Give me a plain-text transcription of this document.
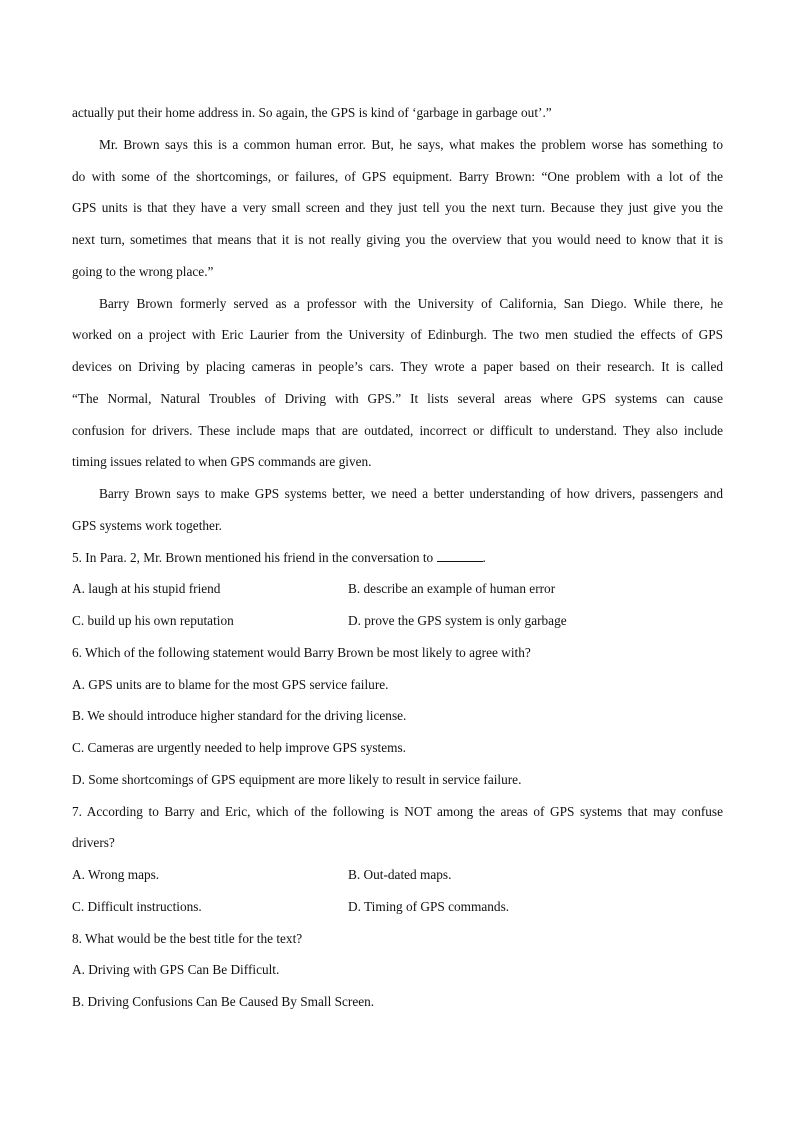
actually put their home address in. So again, the GPS is kind of ‘garbage in garbage out’.”
Mr. Brown says this is a common human error. But, he says, what makes the problem worse has something to
do with some of the shortcomings, or failures, of GPS equipment. Barry Brown: “One problem with a lot of the
GPS units is that they have a very small screen and they just tell you the next turn. Because they just give you the
next turn, sometimes that means that it is not really giving you the overview that you would need to know that it is
going to the wrong place.”
Barry Brown formerly served as a professor with the University of California, San Diego. While there, he
worked on a project with Eric Laurier from the University of Edinburgh. The two men studied the effects of GPS
devices on Driving by placing cameras in people’s cars. They wrote a paper based on their research. It is called
“The Normal, Natural Troubles of Driving with GPS.” It lists several areas where GPS systems can cause
confusion for drivers. These include maps that are outdated, incorrect or difficult to understand. They also include
timing issues related to when GPS commands are given.
Barry Brown says to make GPS systems better, we need a better understanding of how drivers, passengers and
GPS systems work together.
5. In Para. 2, Mr. Brown mentioned his friend in the conversation to	.
A. laugh at his stupid friend	B. describe an example of human error
C. build up his own reputation	D. prove the GPS system is only garbage
6. Which of the following statement would Barry Brown be most likely to agree with?
A. GPS units are to blame for the most GPS service failure.
B. We should introduce higher standard for the driving license.
C. Cameras are urgently needed to help improve GPS systems.
D. Some shortcomings of GPS equipment are more likely to result in service failure.
7. According to Barry and Eric, which of the following is NOT among the areas of GPS systems that may confuse
drivers?
A. Wrong maps.	B. Out-dated maps.
C. Difficult instructions.	D. Timing of GPS commands.
8. What would be the best title for the text?
A. Driving with GPS Can Be Difficult.
B. Driving Confusions Can Be Caused By Small Screen.
